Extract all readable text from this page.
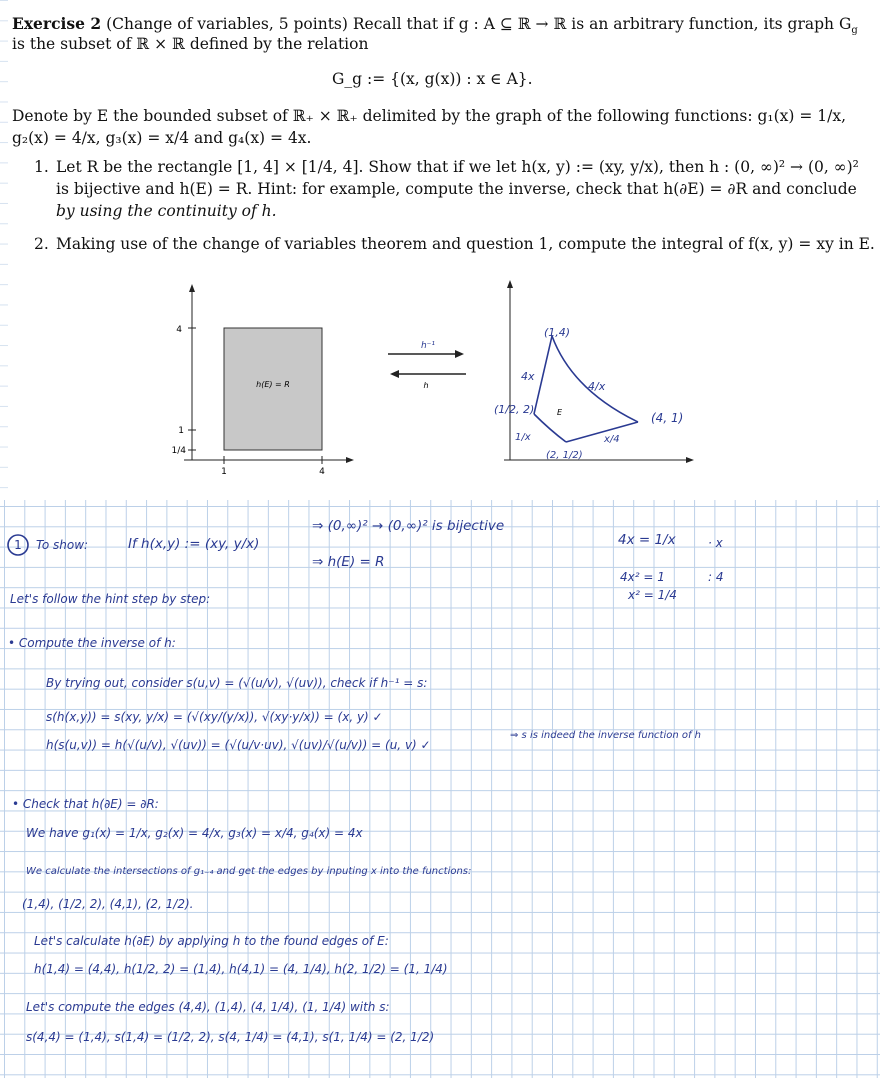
Exercise 2 (Change of variables, 5 points) Recall that if g : A ⊆ ℝ → ℝ is an arbitrary function, its graph $G_g$
is the subset of ℝ × ℝ defined by the relation
G_g := {(x, g(x)) : x ∈ A}.
Denote by E the bounded subset of ℝ₊ × ℝ₊ delimited by the graph of the following functions: g₁(x) = 1/x,
g₂(x) = 4/x, g₃(x) = x/4 and g₄(x) = 4x.
1. Let R be the rectangle [1, 4] × [1/4, 4]. Show that if we let h(x, y) := (xy, y/x), then h : (0, ∞)² → (0, ∞)²
is bijective and h(E) = R. Hint: for example, compute the inverse, check that h(∂E) = ∂R and conclude
by using the continuity of h.
2. Making use of the change of variables theorem and question 1, compute the integral of f(x, y) = xy in E.
4
1
1/4
1	4
h(E) = R
h⁻¹
h
(1,4)
4x
4/x
(1/2, 2)	E	(4, 1)
1/x	x/4
(2, 1/2)
1 To show:	If h(x,y) := (xy, y/x)
⇒ (0,∞)² → (0,∞)² is bijective
⇒ h(E) = R
4x = 1/x
4x² = 1
x² = 1/4
· x
: 4
Let's follow the hint step by step:
• Compute the inverse of h:
By trying out, consider s(u,v) = (√(u/v), √(uv)), check if h⁻¹ = s:
s(h(x,y)) = s(xy, y/x) = (√(xy/(y/x)), √(xy·y/x)) = (x, y) ✓
h(s(u,v)) = h(√(u/v), √(uv)) = (√(u/v·uv), √(uv)/√(u/v)) = (u, v) ✓
⇒ s is indeed the inverse function of h
• Check that h(∂E) = ∂R:
We have g₁(x) = 1/x, g₂(x) = 4/x, g₃(x) = x/4, g₄(x) = 4x
We calculate the intersections of g₁₋₄ and get the edges by inputing x into the functions:
(1,4), (1/2, 2), (4,1), (2, 1/2).
Let's calculate h(∂E) by applying h to the found edges of E:
h(1,4) = (4,4), h(1/2, 2) = (1,4), h(4,1) = (4, 1/4), h(2, 1/2) = (1, 1/4)
Let's compute the edges (4,4), (1,4), (4, 1/4), (1, 1/4) with s:
s(4,4) = (1,4), s(1,4) = (1/2, 2), s(4, 1/4) = (4,1), s(1, 1/4) = (2, 1/2)
